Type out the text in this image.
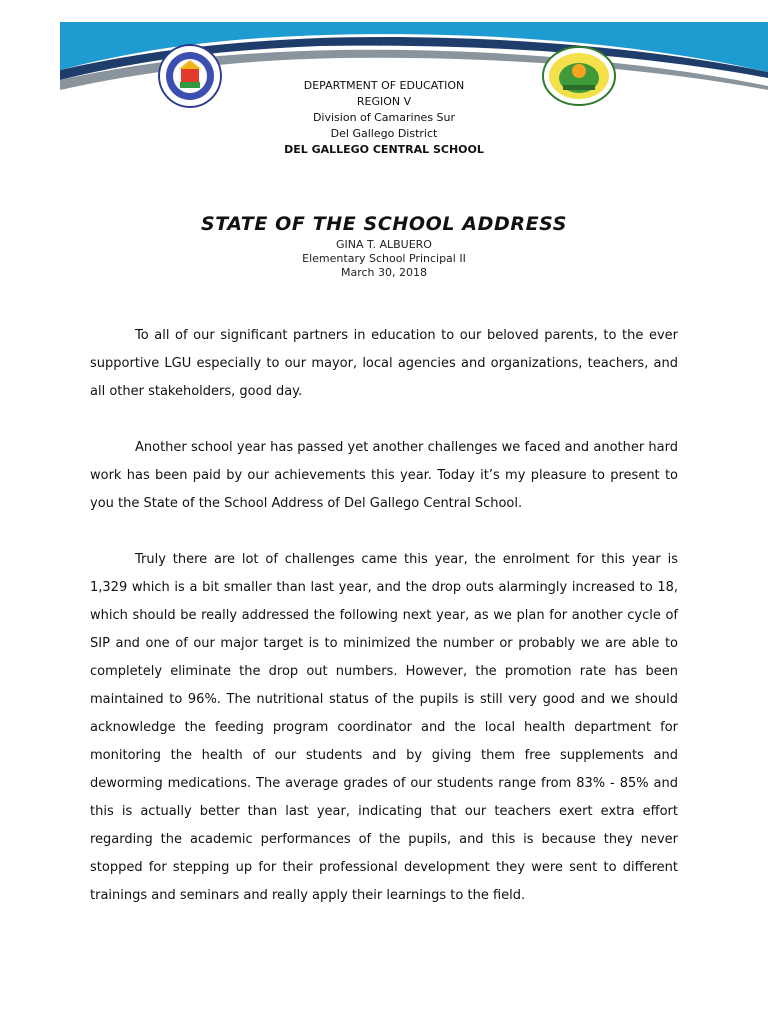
DEPARTMENT OF EDUCATION
REGION V
Division of Camarines Sur
Del Gallego District
DEL GALLEGO CENTRAL SCHOOL
STATE OF THE SCHOOL ADDRESS
GINA T. ALBUERO
Elementary School Principal II
March 30, 2018

To all of our significant partners in education to our beloved parents, to the ever supportive LGU especially to our mayor, local agencies and organizations, teachers, and all other stakeholders, good day.

Another school year has passed yet another challenges we faced and another hard work has been paid by our achievements this year. Today it’s my pleasure to present to you the State of the School Address of Del Gallego Central School.

Truly there are lot of challenges came this year, the enrolment for this year is 1,329 which is a bit smaller than last year, and the drop outs alarmingly increased to 18, which should be really addressed the following next year, as we plan for another cycle of SIP and one of our major target is to minimized the number or probably we are able to completely eliminate the drop out numbers. However, the promotion rate has been maintained to 96%. The nutritional status of the pupils is still very good and we should acknowledge the feeding program coordinator and the local health department for monitoring the health of our students and by giving them free supplements and deworming medications. The average grades of our students range from 83% - 85% and this is actually better than last year, indicating that our teachers exert extra effort regarding the academic performances of the pupils, and this is because they never stopped for stepping up for their professional development they were sent to different trainings and seminars and really apply their learnings to the field.
